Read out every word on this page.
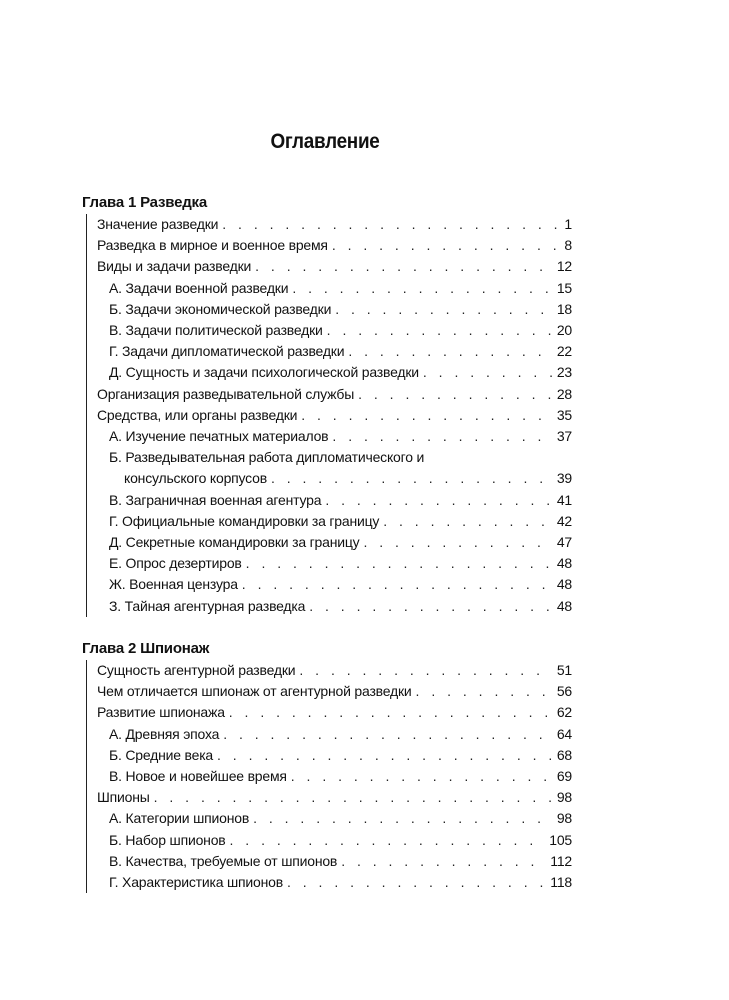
Оглавление
Глава 1 Разведка
Значение разведки . . .	1
Разведка в мирное и военное время . . .	8
Виды и задачи разведки . . .	12
А. Задачи военной разведки . . .	15
Б. Задачи экономической разведки . . .	18
В. Задачи политической разведки . . .	20
Г. Задачи дипломатической разведки . . .	22
Д. Сущность и задачи психологической разведки . . .	23
Организация разведывательной службы . . .	28
Средства, или органы разведки . . .	35
А. Изучение печатных материалов . . .	37
Б. Разведывательная работа дипломатического и
консульского корпусов . . .	39
В. Заграничная военная агентура . . .	41
Г. Официальные командировки за границу . . .	42
Д. Секретные командировки за границу . . .	47
Е. Опрос дезертиров . . .	48
Ж. Военная цензура . . .	48
З. Тайная агентурная разведка . . .	48
Глава 2 Шпионаж
Сущность агентурной разведки . . .	51
Чем отличается шпионаж от агентурной разведки . . .	56
Развитие шпионажа . . .	62
А. Древняя эпоха . . .	64
Б. Средние века . . .	68
В. Новое и новейшее время . . .	69
Шпионы . . .	98
А. Категории шпионов . . .	98
Б. Набор шпионов . . .	105
В. Качества, требуемые от шпионов . . .	112
Г. Характеристика шпионов . . .	118
